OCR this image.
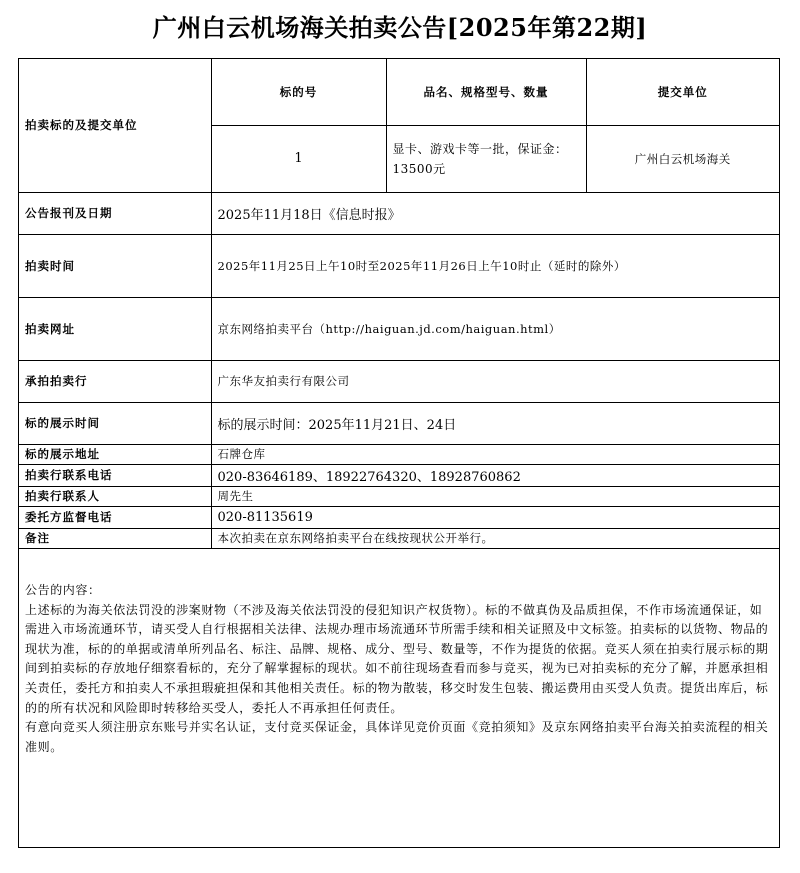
广州白云机场海关拍卖公告[2025年第22期]
拍卖标的及提交单位	标的号	品名、规格型号、数量	提交单位
	1	显卡、游戏卡等一批，保证金：13500元	广州白云机场海关
公告报刊及日期	2025年11月18日《信息时报》		
拍卖时间	2025年11月25日上午10时至2025年11月26日上午10时止（延时的除外）		
拍卖网址	京东网络拍卖平台（http://haiguan.jd.com/haiguan.html）		
承拍拍卖行	广东华友拍卖行有限公司		
标的展示时间	标的展示时间：2025年11月21日、24日		
标的展示地址	石牌仓库		
拍卖行联系电话	020-83646189、18922764320、18928760862		
拍卖行联系人	周先生		
委托方监督电话	020-81135619		
备注	本次拍卖在京东网络拍卖平台在线按现状公开举行。		

公告的内容：

上述标的为海关依法罚没的涉案财物（不涉及海关依法罚没的侵犯知识产权货物）。标的不做真伪及品质担保，不作市场流通保证，如需进入市场流通环节，请买受人自行根据相关法律、法规办理市场流通环节所需手续和相关证照及中文标签。拍卖标的以货物、物品的现状为准，标的的单据或清单所列品名、标注、品牌、规格、成分、型号、数量等，不作为提货的依据。竞买人须在拍卖行展示标的期间到拍卖标的存放地仔细察看标的，充分了解掌握标的现状。如不前往现场查看而参与竞买，视为已对拍卖标的充分了解，并愿承担相关责任，委托方和拍卖人不承担瑕疵担保和其他相关责任。标的物为散装，移交时发生包装、搬运费用由买受人负责。提货出库后，标的的所有状况和风险即时转移给买受人，委托人不再承担任何责任。

有意向竞买人须注册京东账号并实名认证，支付竞买保证金，具体详见竞价页面《竞拍须知》及京东网络拍卖平台海关拍卖流程的相关准则。
